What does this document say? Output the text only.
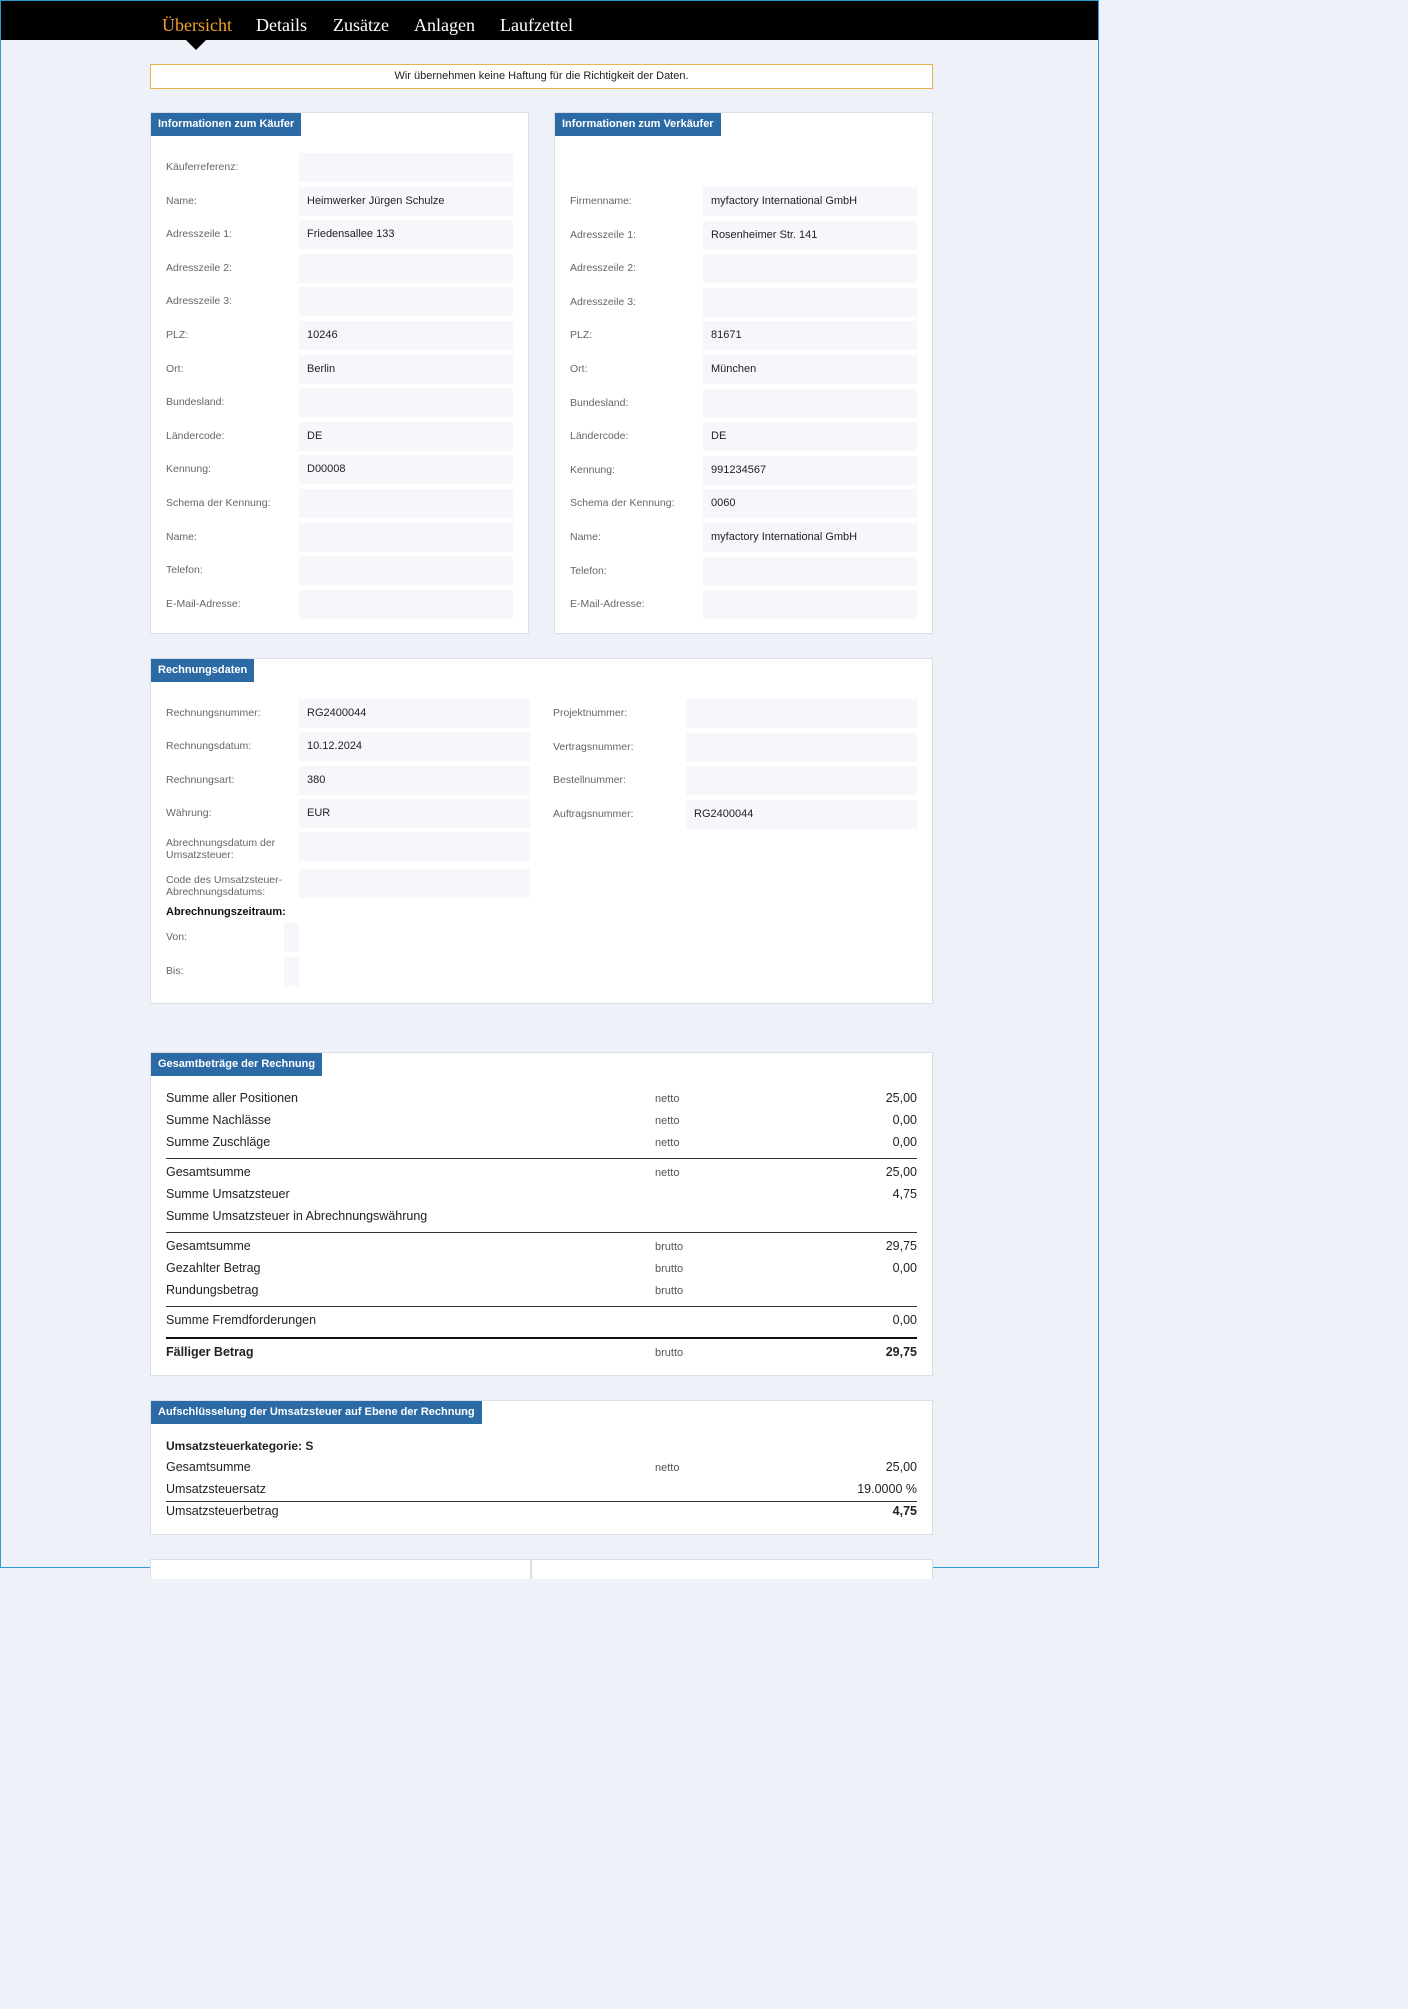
Übersicht Details Zusätze Anlagen Laufzettel
Wir übernehmen keine Haftung für die Richtigkeit der Daten.
Informationen zum Käufer
Käuferreferenz:
Name:	Heimwerker Jürgen Schulze
Adresszeile 1:	Friedensallee 133
Adresszeile 2:
Adresszeile 3:
PLZ:	10246
Ort:	Berlin
Bundesland:
Ländercode:	DE
Kennung:	D00008
Schema der Kennung:
Name:
Telefon:
E-Mail-Adresse:
Informationen zum Verkäufer
Firmenname:	myfactory International GmbH
Adresszeile 1:	Rosenheimer Str. 141
Adresszeile 2:
Adresszeile 3:
PLZ:	81671
Ort:	München
Bundesland:
Ländercode:	DE
Kennung:	991234567
Schema der Kennung:	0060
Name:	myfactory International GmbH
Telefon:
E-Mail-Adresse:
Rechnungsdaten
Rechnungsnummer:	RG2400044
Rechnungsdatum:	10.12.2024
Rechnungsart:	380
Währung:	EUR
Abrechnungsdatum der Umsatzsteuer:
Code des Umsatzsteuer-Abrechnungsdatums:
Projektnummer:
Vertragsnummer:
Bestellnummer:
Auftragsnummer:	RG2400044
Abrechnungszeitraum:
Von:
Bis:
Gesamtbeträge der Rechnung
Summe aller Positionen	netto	25,00
Summe Nachlässe	netto	0,00
Summe Zuschläge	netto	0,00
Gesamtsumme	netto	25,00
Summe Umsatzsteuer	4,75
Summe Umsatzsteuer in Abrechnungswährung
Gesamtsumme	brutto	29,75
Gezahlter Betrag	brutto	0,00
Rundungsbetrag	brutto
Summe Fremdforderungen	0,00
Fälliger Betrag	brutto	29,75
Aufschlüsselung der Umsatzsteuer auf Ebene der Rechnung
Umsatzsteuerkategorie: S
Gesamtsumme	netto	25,00
Umsatzsteuersatz	19.0000 %
Umsatzsteuerbetrag	4,75
